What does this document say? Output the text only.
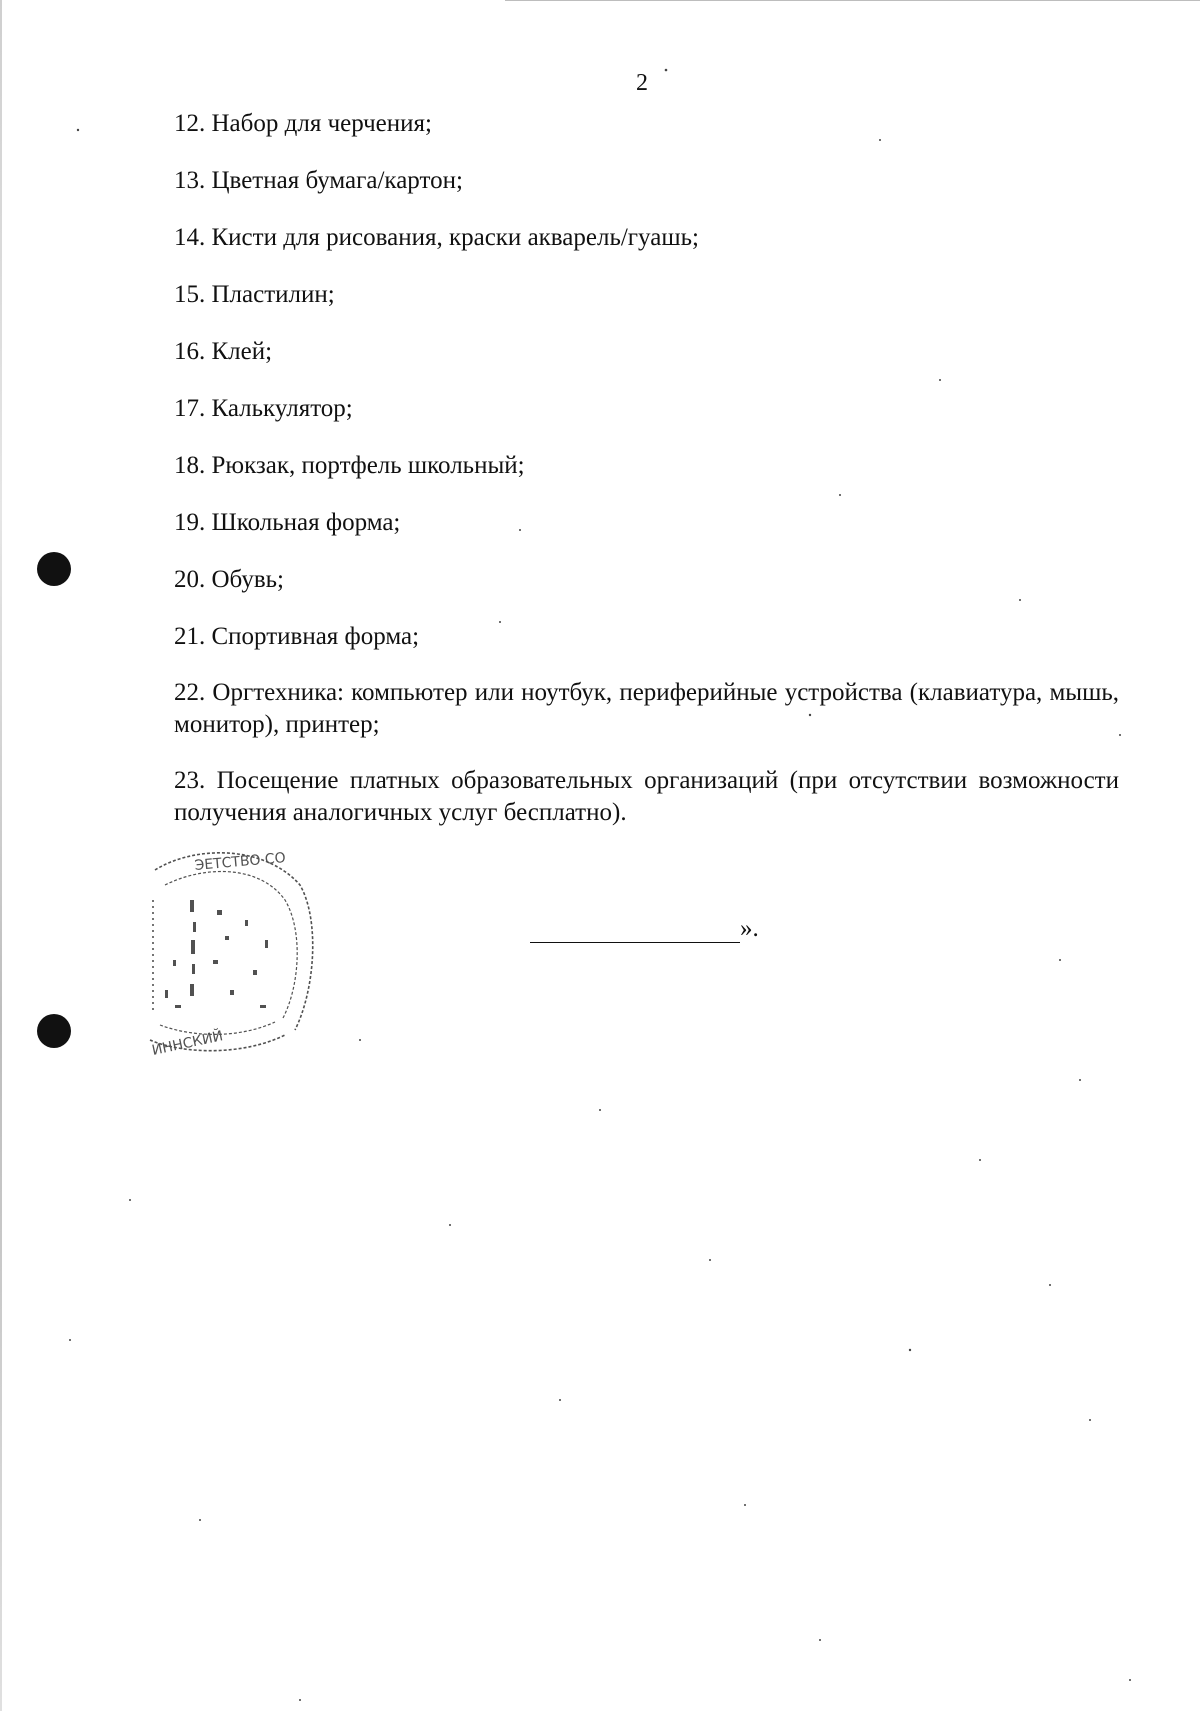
2
12. Набор для черчения;
13. Цветная бумага/картон;
14. Кисти для рисования, краски акварель/гуашь;
15. Пластилин;
16. Клей;
17. Калькулятор;
18. Рюкзак, портфель школьный;
19. Школьная форма;
20. Обувь;
21. Спортивная форма;
22. Оргтехника: компьютер или ноутбук, периферийные устройства (клавиатура, мышь, монитор), принтер;
23. Посещение платных образовательных организаций (при отсутствии возможности получения аналогичных услуг бесплатно).
».
ЭЕТСТВО СО
ИННСКИЙ
